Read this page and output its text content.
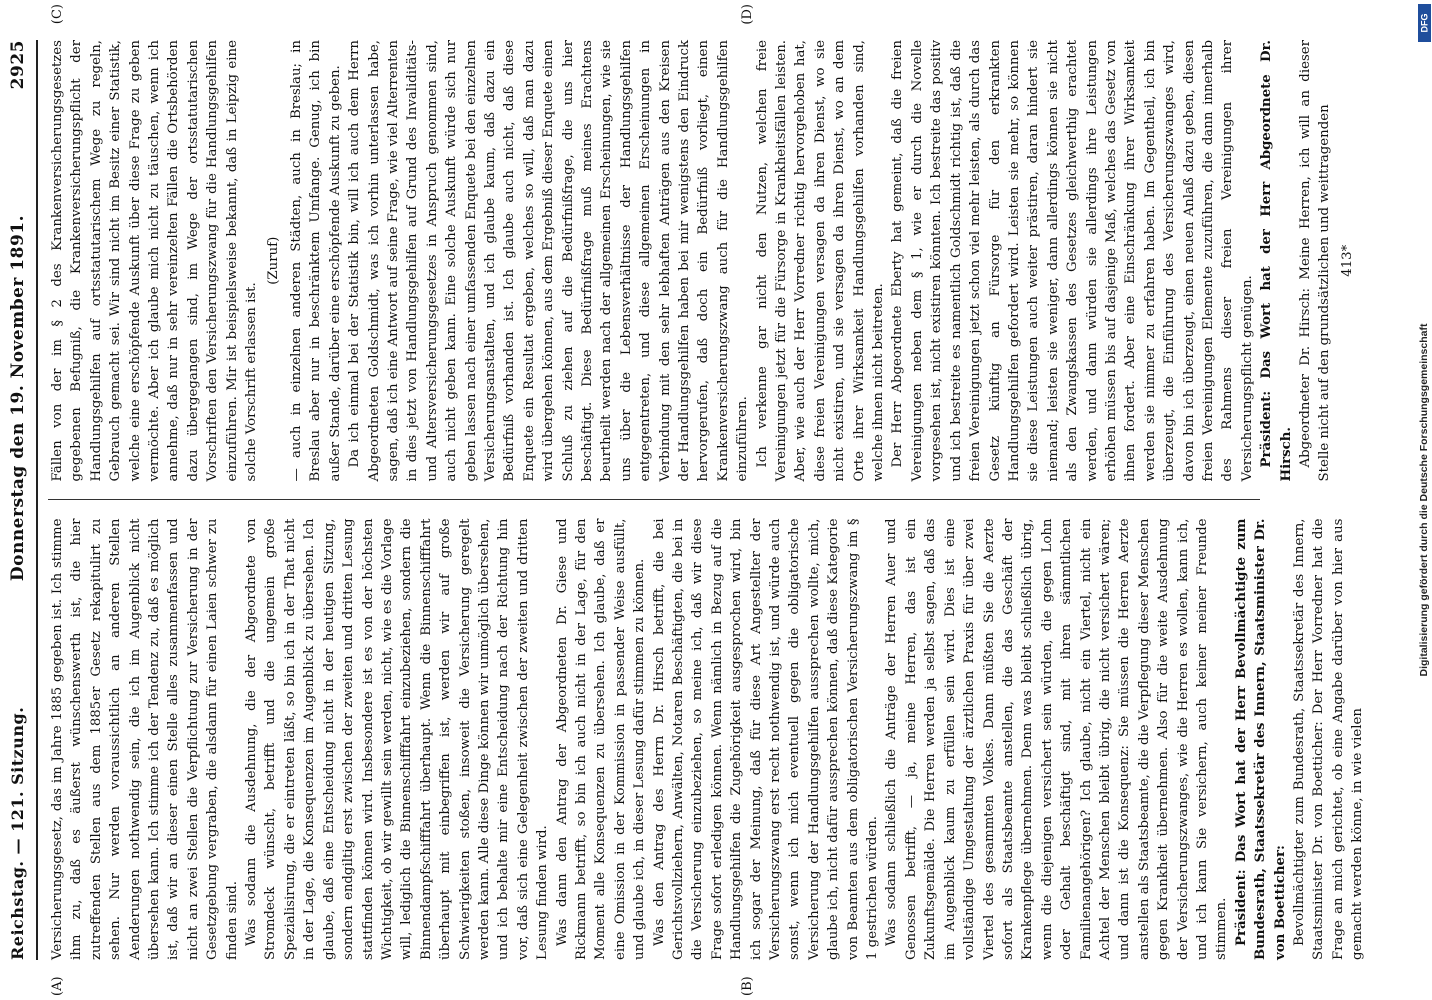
Reichstag. — 121. Sitzung.
Donnerstag den 19. November 1891.
2925
(A)	(B)

Versicherungsgesetz, das im Jahre 1885 gegeben ist. Ich stimme ihm zu, daß es äußerst wünschenswerth ist, die hier zutreffenden Stellen aus dem 1885er Gesetz rekapitulirt zu sehen. Nur werden voraussichtlich an anderen Stellen Aenderungen nothwendig sein, die ich im Augenblick nicht übersehen kann. Ich stimme ich der Tendenz zu, daß es möglich ist, daß wir an dieser einen Stelle alles zusammenfassen und nicht an zwei Stellen die Verpflichtung zur Versicherung in der Gesetzgebung vergraben, die alsdann für einen Laien schwer zu finden sind. Was sodann die Ausdehnung, die der Abgeordnete von Stromdeck wünscht, betrifft und die ungemein große Spezialisirung, die er eintreten läßt, so bin ich in der That nicht in der Lage, die Konsequenzen im Augenblick zu übersehen. Ich glaube, daß eine Entscheidung nicht in der heutigen Sitzung, sondern endgiltig erst zwischen der zweiten und dritten Lesung stattfinden können wird. Insbesondere ist es von der höchsten Wichtigkeit, ob wir gewillt sein werden, nicht, wie es die Vorlage will, lediglich die Binnenschifffahrt einzubeziehen, sondern die Binnendampfschifffahrt überhaupt. Wenn die Binnenschifffahrt überhaupt mit einbegriffen ist, werden wir auf große Schwierigkeiten stoßen, insoweit die Versicherung geregelt werden kann. Alle diese Dinge können wir unmöglich übersehen, und ich behalte mir eine Entscheidung nach der Richtung hin vor, daß sich eine Gelegenheit zwischen der zweiten und dritten Lesung finden wird. Was dann den Antrag der Abgeordneten Dr. Giese und Rickmann betrifft, so bin ich auch nicht in der Lage, für den Moment alle Konsequenzen zu übersehen. Ich glaube, daß er eine Omission in der Kommission in passender Weise ausfüllt, und glaube ich, in dieser Lesung dafür stimmen zu können. Was den Antrag des Herrn Dr. Hirsch betrifft, die bei Gerichtsvollziehern, Anwälten, Notaren Beschäftigten, die bei in die Versicherung einzubeziehen, so meine ich, daß wir diese Frage sofort erledigen können. Wenn nämlich in Bezug auf die Handlungsgehilfen die Zugehörigkeit ausgesprochen wird, bin ich sogar der Meinung, daß für diese Art Angestellter der Versicherungszwang erst recht nothwendig ist, und würde auch sonst, wenn ich mich eventuell gegen die obligatorische Versicherung der Handlungsgehilfen aussprechen wollte, mich, glaube ich, nicht dafür aussprechen können, daß diese Kategorie von Beamten aus dem obligatorischen Versicherungszwang im § 1 gestrichen würden. Was sodann schließlich die Anträge der Herren Auer und Genossen betrifft, — ja, meine Herren, das ist ein Zukunftsgemälde. Die Herren werden ja selbst sagen, daß das im Augenblick kaum zu erfüllen sein wird. Dies ist eine vollständige Umgestaltung der ärztlichen Praxis für über zwei Viertel des gesammten Volkes. Dann müßten Sie die Aerzte sofort als Staatsbeamte anstellen, die das Geschäft der Krankenpflege übernehmen. Denn was bleibt schließlich übrig, wenn die diejenigen versichert sein würden, die gegen Lohn oder Gehalt beschäftigt sind, mit ihren sämmtlichen Familienangehörigen? Ich glaube, nicht ein Viertel, nicht ein Achtel der Menschen bleibt übrig, die nicht versichert wären; und dann ist die Konsequenz: Sie müssen die Herren Aerzte anstellen als Staatsbeamte, die die Verpflegung dieser Menschen gegen Krankheit übernehmen. Also für die weite Ausdehnung der Versicherungszwanges, wie die Herren es wollen, kann ich, und ich kann Sie versichern, auch keiner meiner Freunde stimmen. Präsident: Das Wort hat der Herr Bevollmächtigte zum Bundesrath, Staatssekretär des Innern, Staatsminister Dr. von Boetticher: Bevollmächtigter zum Bundesrath, Staatssekretär des Innern, Staatsminister Dr. von Boetticher: Der Herr Vorredner hat die Frage an mich gerichtet, ob eine Angabe darüber von hier aus gemacht werden könne, in wie vielen

(C)	(D)

Fällen von der im § 2 des Krankenversicherungsgesetzes gegebenen Befugniß, die Krankenversicherungspflicht der Handlungsgehilfen auf ortsstatutarischem Wege zu regeln, Gebrauch gemacht sei. Wir sind nicht im Besitz einer Statistik, welche eine erschöpfende Auskunft über diese Frage zu geben vermöchte. Aber ich glaube mich nicht zu täuschen, wenn ich annehme, daß nur in sehr vereinzelten Fällen die Ortsbehörden dazu übergegangen sind, im Wege der ortsstatutarischen Vorschriften den Versicherungszwang für die Handlungsgehilfen einzuführen. Mir ist beispielsweise bekannt, daß in Leipzig eine solche Vorschrift erlassen ist.

(Zuruf) — auch in einzelnen anderen Städten, auch in Breslau; in Breslau aber nur in beschränktem Umfange. Genug, ich bin außer Stande, darüber eine erschöpfende Auskunft zu geben. Da ich einmal bei der Statistik bin, will ich auch dem Herrn Abgeordneten Goldschmidt, was ich vorhin unterlassen habe, sagen, daß ich eine Antwort auf seine Frage, wie viel Alterrenten in dies jetzt von Handlungsgehilfen auf Grund des Invaliditäts- und Altersversicherungsgesetzes in Anspruch genommen sind, auch nicht geben kann. Eine solche Auskunft würde sich nur geben lassen nach einer umfassenden Enquete bei den einzelnen Versicherungsanstalten, und ich glaube kaum, daß dazu ein Bedürfniß vorhanden ist. Ich glaube auch nicht, daß diese Enquete ein Resultat ergeben, welches so will, daß man dazu wird übergehen können, aus dem Ergebniß dieser Enquete einen Schluß zu ziehen auf die Bedürfnißfrage, die uns hier beschäftigt. Diese Bedürfnißfrage muß meines Erachtens beurtheilt werden nach der allgemeinen Erscheinungen, wie sie uns über die Lebensverhältnisse der Handlungsgehilfen entgegentreten, und diese allgemeinen Erscheinungen in Verbindung mit den sehr lebhaften Anträgen aus den Kreisen der Handlungsgehilfen haben bei mir wenigstens den Eindruck hervorgerufen, daß doch ein Bedürfniß vorliegt, einen Krankenversicherungszwang auch für die Handlungsgehilfen einzuführen. Ich verkenne gar nicht den Nutzen, welchen freie Vereinigungen jetzt für die Fürsorge in Krankheitsfällen leisten. Aber, wie auch der Herr Vorredner richtig hervorgehoben hat, diese freien Vereinigungen versagen da ihren Dienst, wo sie nicht existiren, und sie versagen da ihren Dienst, wo an dem Orte ihrer Wirksamkeit Handlungsgehilfen vorhanden sind, welche ihnen nicht beitreten. Der Herr Abgeordnete Eberty hat gemeint, daß die freien Vereinigungen neben dem § 1, wie er durch die Novelle vorgesehen ist, nicht existiren könnten. Ich bestreite das positiv und ich bestreite es namentlich Goldschmidt richtig ist, daß die freien Vereinigungen jetzt schon viel mehr leisten, als durch das Gesetz künftig an Fürsorge für den erkrankten Handlungsgehilfen gefordert wird. Leisten sie mehr, so können sie diese Leistungen auch weiter prästiren, daran hindert sie niemand; leisten sie weniger, dann allerdings können sie nicht als den Zwangskassen des Gesetzes gleichwerthig erachtet werden, und dann würden sie allerdings ihre Leistungen erhöhen müssen bis auf dasjenige Maß, welches das Gesetz von ihnen fordert. Aber eine Einschränkung ihrer Wirksamkeit werden sie nimmer zu erfahren haben. Im Gegentheil, ich bin überzeugt, die Einführung des Versicherungszwanges wird, davon bin ich überzeugt, einen neuen Anlaß dazu geben, diesen freien Vereinigungen Elemente zuzuführen, die dann innerhalb des Rahmens dieser freien Vereinigungen ihrer Versicherungspflicht genügen. Präsident: Das Wort hat der Herr Abgeordnete Dr. Hirsch. Abgeordneter Dr. Hirsch: Meine Herren, ich will an dieser Stelle nicht auf den grundsätzlichen und weittragenden 413*

Digitalisierung gefördert durch die Deutsche Forschungsgemeinschaft
DFG
